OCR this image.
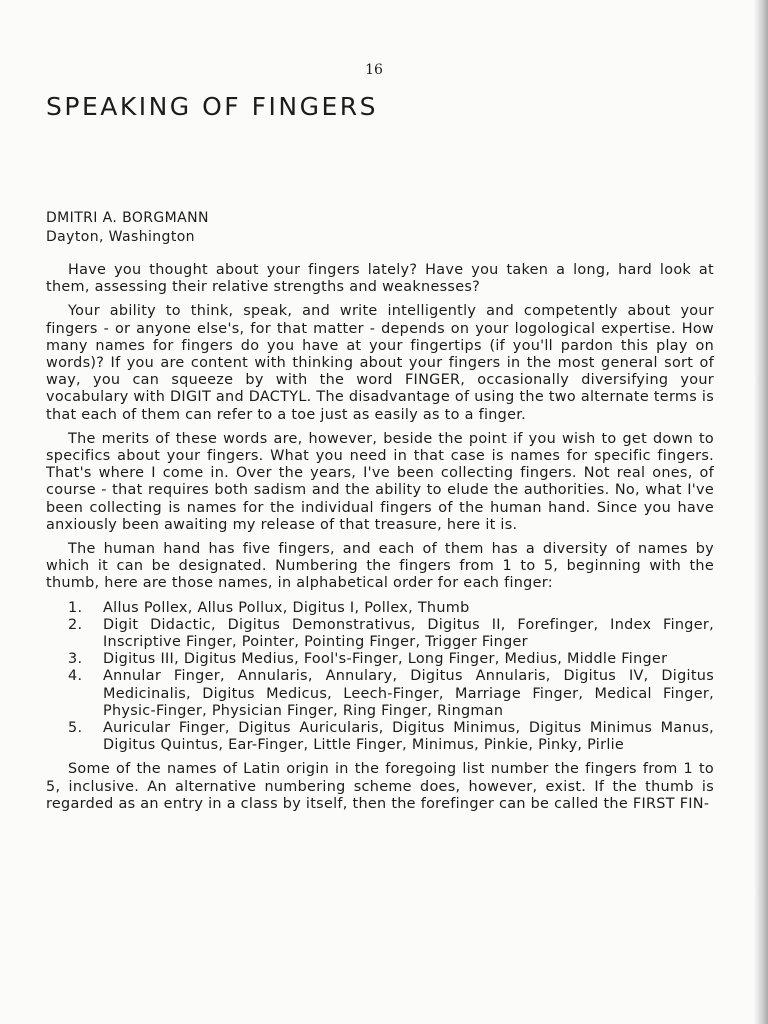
16
SPEAKING OF FINGERS
DMITRI A. BORGMANN
Dayton, Washington

Have you thought about your fingers lately? Have you taken a long, hard look at them, assessing their relative strengths and weaknesses?

Your ability to think, speak, and write intelligently and competently about your fingers - or anyone else's, for that matter - depends on your logological expertise. How many names for fingers do you have at your fingertips (if you'll pardon this play on words)? If you are content with thinking about your fingers in the most general sort of way, you can squeeze by with the word FINGER, occasionally diversifying your vocabulary with DIGIT and DACTYL. The disadvantage of using the two alternate terms is that each of them can refer to a toe just as easily as to a finger.

The merits of these words are, however, beside the point if you wish to get down to specifics about your fingers. What you need in that case is names for specific fingers. That's where I come in. Over the years, I've been collecting fingers. Not real ones, of course - that requires both sadism and the ability to elude the authorities. No, what I've been collecting is names for the individual fingers of the human hand. Since you have anxiously been awaiting my release of that treasure, here it is.

The human hand has five fingers, and each of them has a diversity of names by which it can be designated. Numbering the fingers from 1 to 5, beginning with the thumb, here are those names, in alphabetical order for each finger:

1. Allus Pollex, Allus Pollux, Digitus I, Pollex, Thumb
2. Digit Didactic, Digitus Demonstrativus, Digitus II, Forefinger, Index Finger, Inscriptive Finger, Pointer, Pointing Finger, Trigger Finger
3. Digitus III, Digitus Medius, Fool's-Finger, Long Finger, Medius, Middle Finger
4. Annular Finger, Annularis, Annulary, Digitus Annularis, Digitus IV, Digitus Medicinalis, Digitus Medicus, Leech-Finger, Marriage Finger, Medical Finger, Physic-Finger, Physician Finger, Ring Finger, Ringman
5. Auricular Finger, Digitus Auricularis, Digitus Minimus, Digitus Minimus Manus, Digitus Quintus, Ear-Finger, Little Finger, Minimus, Pinkie, Pinky, Pirlie

Some of the names of Latin origin in the foregoing list number the fingers from 1 to 5, inclusive. An alternative numbering scheme does, however, exist. If the thumb is regarded as an entry in a class by itself, then the forefinger can be called the FIRST FIN-
